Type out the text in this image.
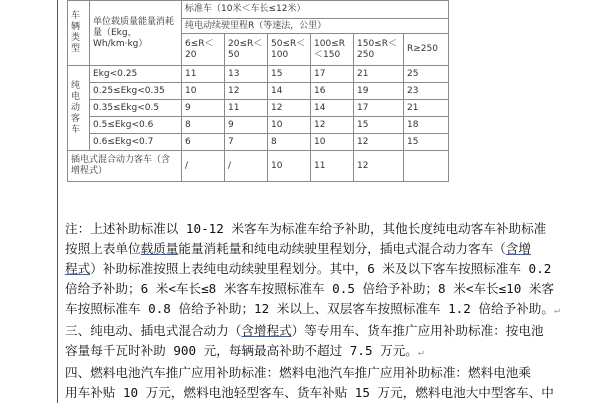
车辆类型	单位载质量能量消耗量（Ekg，Wh/km·kg）	标准车（10米＜车长≤12米）					
		纯电动续驶里程R（等速法，公里）					
		6≤R＜20	20≤R＜50	50≤R＜100	100≤R＜150	150≤R＜250	R≥250
纯电动客车	Ekg<0.25	11	13	15	17	21	25
	0.25≤Ekg<0.35	10	12	14	16	19	23
	0.35≤Ekg<0.5	9	11	12	14	17	21
	0.5≤Ekg<0.6	8	9	10	12	15	18
	0.6≤Ekg<0.7	6	7	8	10	12	15
插电式混合动力客车（含增程式）		/	/	10	11	12	

注：上述补助标准以 10-12 米客车为标准车给予补助，其他长度纯电动客车补助标准

按照上表单位载质量能量消耗量和纯电动续驶里程划分，插电式混合动力客车（含增

程式）补助标准按照上表纯电动续驶里程划分。其中，6 米及以下客车按照标准车 0.2

倍给予补助；6 米<车长≤8 米客车按照标准车 0.5 倍给予补助；8 米<车长≤10 米客

车按照标准车 0.8 倍给予补助；12 米以上、双层客车按照标准车 1.2 倍给予补助。↵

三、纯电动、插电式混合动力（含增程式）等专用车、货车推广应用补助标准：按电池

容量每千瓦时补助 900 元，每辆最高补助不超过 7.5 万元。↵

四、燃料电池汽车推广应用补助标准：燃料电池汽车推广应用补助标准：燃料电池乘

用车补贴 10 万元，燃料电池轻型客车、货车补贴 15 万元，燃料电池大中型客车、中
